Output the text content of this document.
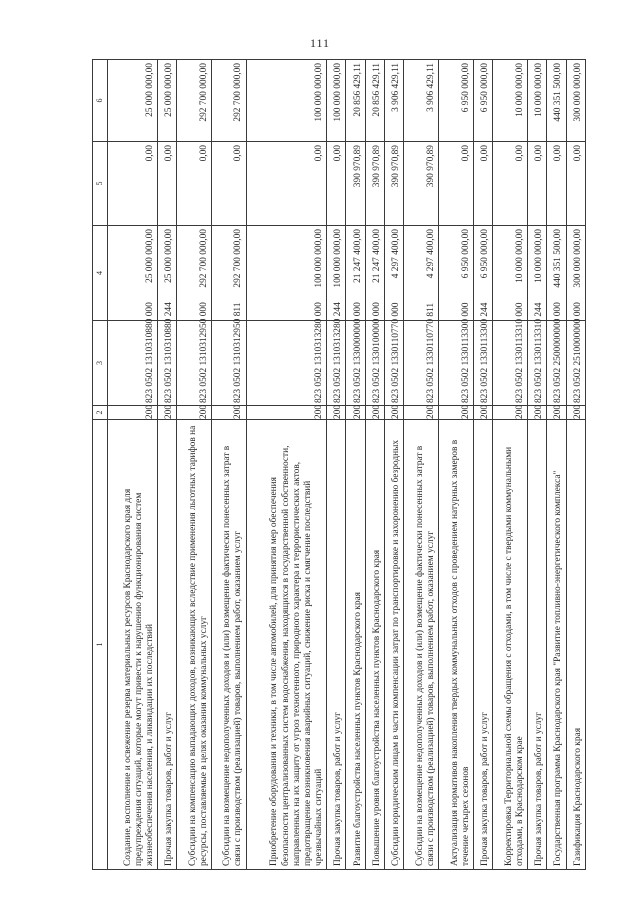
111
1	2	3	4	5	6
Создание, восполнение и освежение резерва материальных ресурсов Краснодарского края для предупреждения ситуаций, которые могут привести к нарушению функционирования систем жизнеобеспечения населения, и ликвидации их последствий	200	823 0502 1310310880 000	25 000 000,00	0,00	25 000 000,00
Прочая закупка товаров, работ и услуг	200	823 0502 1310310880 244	25 000 000,00	0,00	25 000 000,00
Субсидии на компенсацию выпадающих доходов, возникающих вследствие применения льготных тарифов на ресурсы, поставляемые в целях оказания коммунальных услуг	200	823 0502 1310312950 000	292 700 000,00	0,00	292 700 000,00
Субсидии на возмещение недополученных доходов и (или) возмещение фактически понесенных затрат в связи с производством (реализацией) товаров, выполнением работ, оказанием услуг	200	823 0502 1310312950 811	292 700 000,00	0,00	292 700 000,00
Приобретение оборудования и техники, в том числе автомобилей, для принятия мер обеспечения безопасности централизованных систем водоснабжения, находящихся в государственной собственности, направленных на их защиту от угроз техногенного, природного характера и террористических актов, предотвращение возникновения аварийных ситуаций, снижение риска и смягчение последствий чрезвычайных ситуаций	200	823 0502 1310313280 000	100 000 000,00	0,00	100 000 000,00
Прочая закупка товаров, работ и услуг	200	823 0502 1310313280 244	100 000 000,00	0,00	100 000 000,00
Развитие благоустройства населенных пунктов Краснодарского края	200	823 0502 1330000000 000	21 247 400,00	390 970,89	20 856 429,11
Повышение уровня благоустройства населенных пунктов Краснодарского края	200	823 0502 1330100000 000	21 247 400,00	390 970,89	20 856 429,11
Субсидии юридическим лицам в части компенсации затрат по транспортировке и захоронению безродных	200	823 0502 1330110770 000	4 297 400,00	390 970,89	3 906 429,11
Субсидии на возмещение недополученных доходов и (или) возмещение фактически понесенных затрат в связи с производством (реализацией) товаров, выполнением работ, оказанием услуг	200	823 0502 1330110770 811	4 297 400,00	390 970,89	3 906 429,11
Актуализация нормативов накопления твердых коммунальных отходов с проведением натурных замеров в течение четырех сезонов	200	823 0502 1330113300 000	6 950 000,00	0,00	6 950 000,00
Прочая закупка товаров, работ и услуг	200	823 0502 1330113300 244	6 950 000,00	0,00	6 950 000,00
Корректировка Территориальной схемы обращения с отходами, в том числе с твердыми коммунальными отходами, в Краснодарском крае	200	823 0502 1330113310 000	10 000 000,00	0,00	10 000 000,00
Прочая закупка товаров, работ и услуг	200	823 0502 1330113310 244	10 000 000,00	0,00	10 000 000,00
Государственная программа Краснодарского края "Развитие топливно-энергетического комплекса"	200	823 0502 2500000000 000	440 351 500,00	0,00	440 351 500,00
Газификация Краснодарского края	200	823 0502 2510000000 000	300 000 000,00	0,00	300 000 000,00
